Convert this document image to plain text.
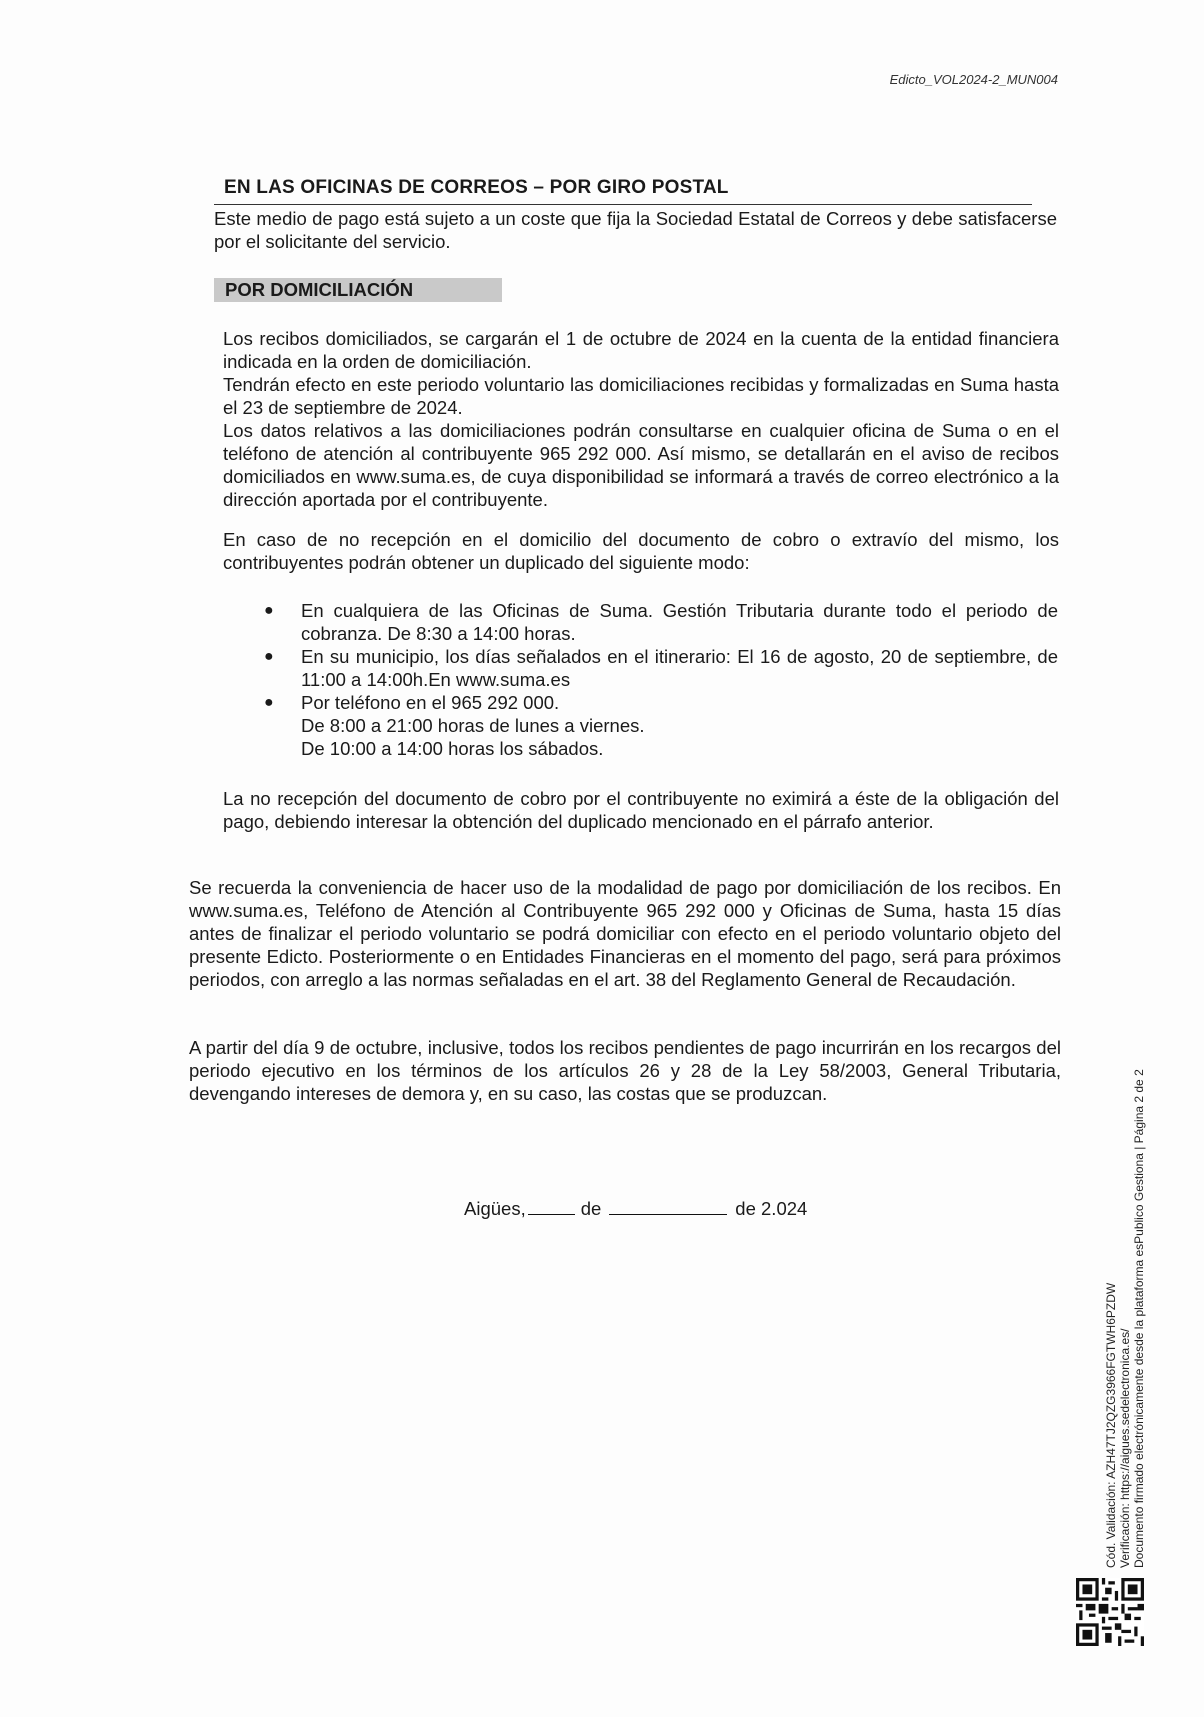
Edicto_VOL2024-2_MUN004
EN LAS OFICINAS DE CORREOS – POR GIRO POSTAL
Este medio de pago está sujeto a un coste que fija la Sociedad Estatal de Correos y debe satisfacerse por el solicitante del servicio.
POR DOMICILIACIÓN
Los recibos domiciliados, se cargarán el 1 de octubre de 2024 en la cuenta de la entidad financiera indicada en la orden de domiciliación.
Tendrán efecto en este periodo voluntario las domiciliaciones recibidas y formalizadas en Suma hasta el 23 de septiembre de 2024.
Los datos relativos a las domiciliaciones podrán consultarse en cualquier oficina de Suma o en el teléfono de atención al contribuyente 965 292 000. Así mismo, se detallarán en el aviso de recibos domiciliados en www.suma.es, de cuya disponibilidad se informará a través de correo electrónico a la dirección aportada por el contribuyente.
En caso de no recepción en el domicilio del documento de cobro o extravío del mismo, los contribuyentes podrán obtener un duplicado del siguiente modo:
● En cualquiera de las Oficinas de Suma. Gestión Tributaria durante todo el periodo de cobranza. De 8:30 a 14:00 horas.
● En su municipio, los días señalados en el itinerario: El 16 de agosto, 20 de septiembre, de 11:00 a 14:00h.En www.suma.es
● Por teléfono en el 965 292 000.
De 8:00 a 21:00 horas de lunes a viernes.
De 10:00 a 14:00 horas los sábados.
La no recepción del documento de cobro por el contribuyente no eximirá a éste de la obligación del pago, debiendo interesar la obtención del duplicado mencionado en el párrafo anterior.
Se recuerda la conveniencia de hacer uso de la modalidad de pago por domiciliación de los recibos. En www.suma.es, Teléfono de Atención al Contribuyente 965 292 000 y Oficinas de Suma, hasta 15 días antes de finalizar el periodo voluntario se podrá domiciliar con efecto en el periodo voluntario objeto del presente Edicto. Posteriormente o en Entidades Financieras en el momento del pago, será para próximos periodos, con arreglo a las normas señaladas en el art. 38 del Reglamento General de Recaudación.
A partir del día 9 de octubre, inclusive, todos los recibos pendientes de pago incurrirán en los recargos del periodo ejecutivo en los términos de los artículos 26 y 28 de la Ley 58/2003, General Tributaria, devengando intereses de demora y, en su caso, las costas que se produzcan.
Aigües,	de	de 2.024
Cód. Validación: AZH47TJ2QZG3966FGTWH6PZDW Verificación: https://aigues.sedelectronica.es/ Documento firmado electrónicamente desde la plataforma esPublico Gestiona | Página 2 de 2
